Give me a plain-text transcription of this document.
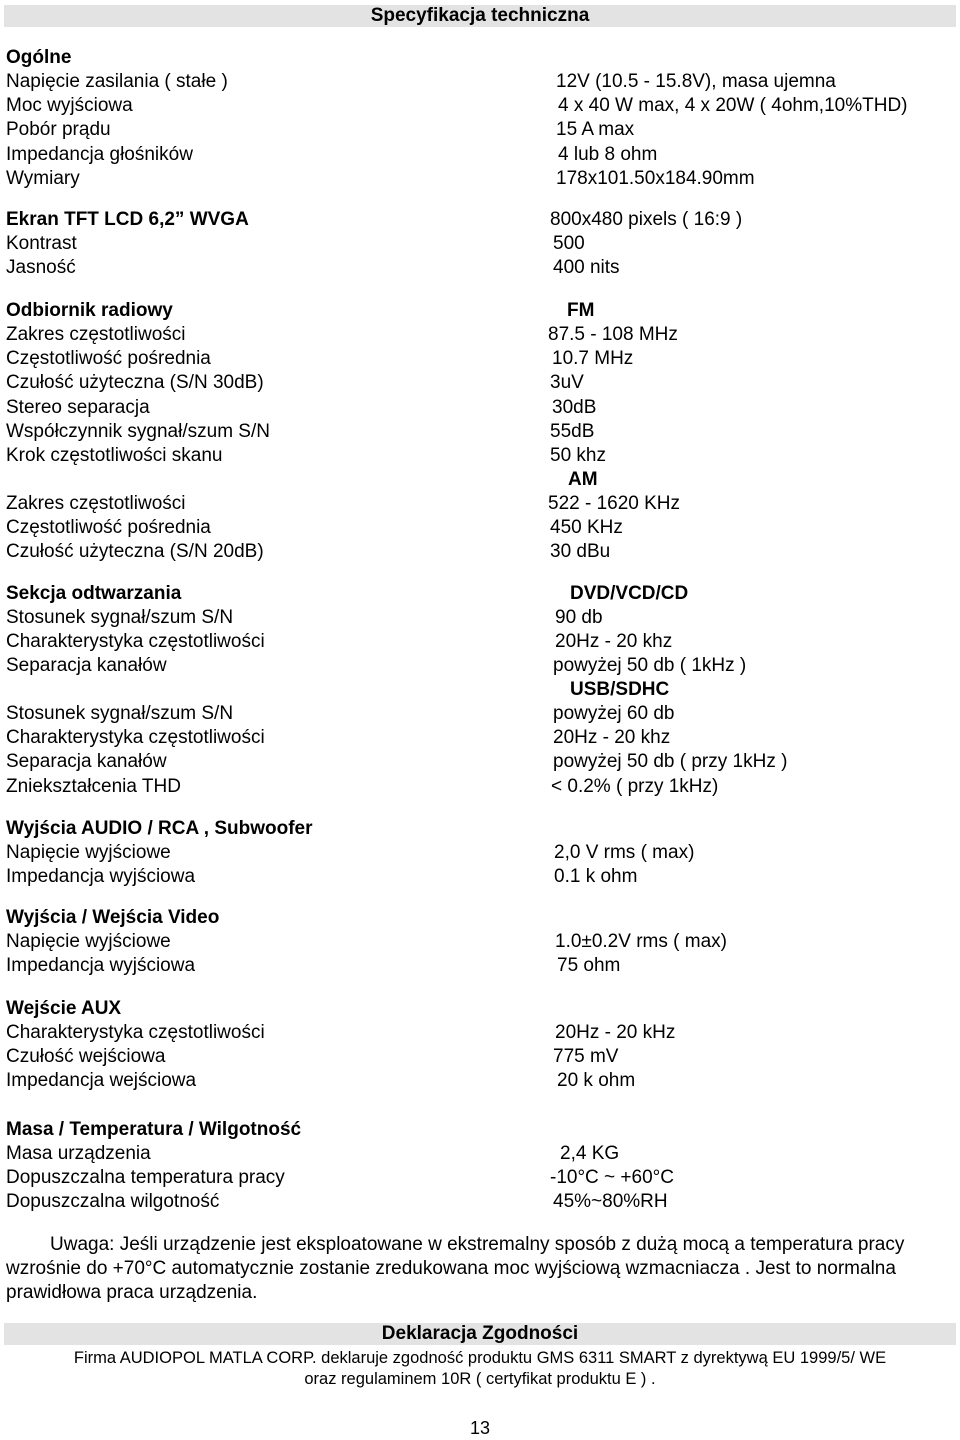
Specyfikacja techniczna
Ogólne
Napięcie zasilania ( stałe )	12V (10.5 - 15.8V), masa ujemna
Moc wyjściowa	4 x 40 W max, 4 x 20W ( 4ohm,10%THD)
Pobór prądu	15 A max
Impedancja głośników	4 lub 8 ohm
Wymiary	178x101.50x184.90mm
Ekran TFT LCD 6,2” WVGA	800x480 pixels ( 16:9 )
Kontrast	500
Jasność	400 nits
Odbiornik radiowy	FM
Zakres częstotliwości	87.5 - 108 MHz
Częstotliwość pośrednia	10.7 MHz
Czułość użyteczna (S/N 30dB)	3uV
Stereo separacja	30dB
Współczynnik sygnał/szum S/N	55dB
Krok częstotliwości skanu	50 khz
AM
Zakres częstotliwości	522 - 1620 KHz
Częstotliwość pośrednia	450 KHz
Czułość użyteczna (S/N 20dB)	30 dBu
Sekcja odtwarzania	DVD/VCD/CD
Stosunek sygnał/szum S/N	90 db
Charakterystyka częstotliwości	20Hz - 20 khz
Separacja kanałów	powyżej 50 db ( 1kHz )
USB/SDHC
Stosunek sygnał/szum S/N	powyżej 60 db
Charakterystyka częstotliwości	20Hz - 20 khz
Separacja kanałów	powyżej 50 db ( przy 1kHz )
Zniekształcenia THD	< 0.2% ( przy 1kHz)
Wyjścia AUDIO / RCA , Subwoofer
Napięcie wyjściowe	2,0 V rms ( max)
Impedancja wyjściowa	0.1 k ohm
Wyjścia / Wejścia Video
Napięcie wyjściowe	1.0±0.2V rms ( max)
Impedancja wyjściowa	75 ohm
Wejście AUX
Charakterystyka częstotliwości	20Hz - 20 kHz
Czułość wejściowa	775 mV
Impedancja wejściowa	20 k ohm
Masa / Temperatura / Wilgotność
Masa urządzenia	2,4 KG
Dopuszczalna temperatura pracy	-10°C ~ +60°C
Dopuszczalna wilgotność	45%~80%RH
Uwaga: Jeśli urządzenie jest eksploatowane w ekstremalny sposób z dużą mocą a temperatura pracy wzrośnie do +70°C automatycznie zostanie zredukowana moc wyjściową wzmacniacza . Jest to normalna prawidłowa praca urządzenia.
Deklaracja Zgodności
Firma AUDIOPOL MATLA CORP. deklaruje zgodność produktu GMS 6311 SMART z dyrektywą EU 1999/5/ WE
oraz regulaminem 10R ( certyfikat produktu E ) .
13
